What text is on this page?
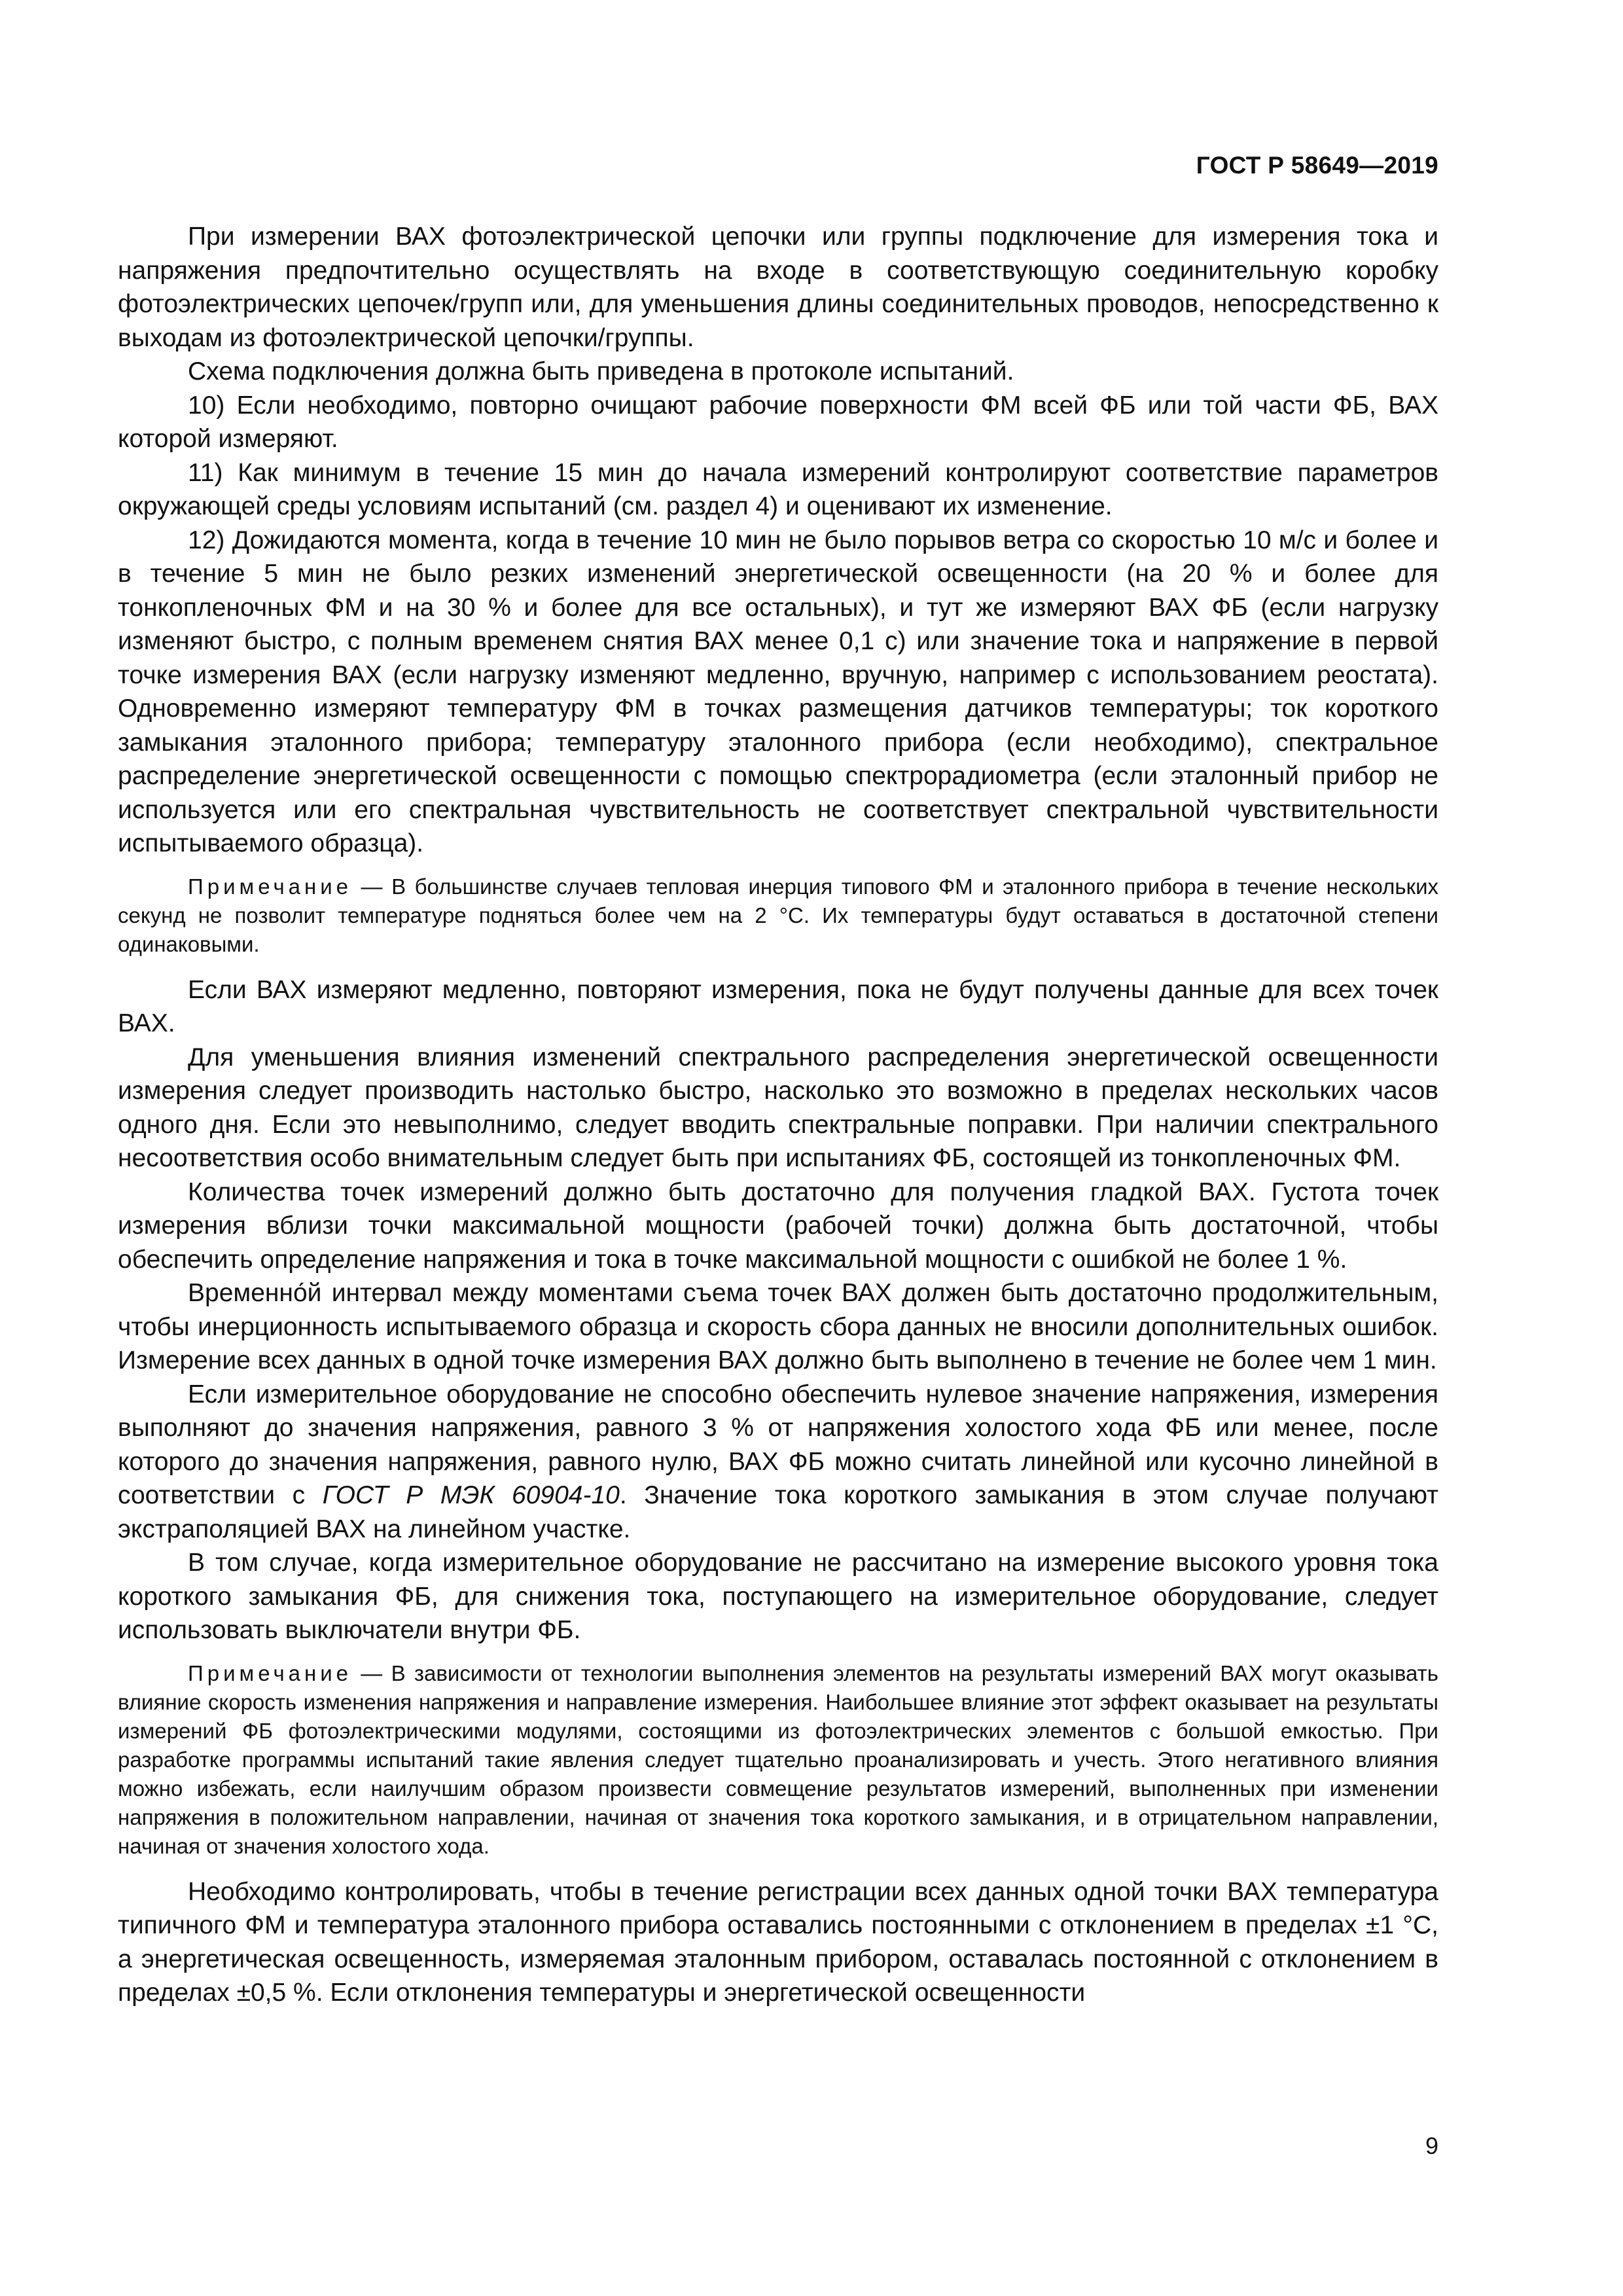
ГОСТ Р 58649—2019

При измерении ВАХ фотоэлектрической цепочки или группы подключение для измерения тока и напряжения предпочтительно осуществлять на входе в соответствующую соединительную коробку фотоэлектрических цепочек/групп или, для уменьшения длины соединительных проводов, непосредственно к выходам из фотоэлектрической цепочки/группы.

Схема подключения должна быть приведена в протоколе испытаний.

10) Если необходимо, повторно очищают рабочие поверхности ФМ всей ФБ или той части ФБ, ВАХ которой измеряют.

11) Как минимум в течение 15 мин до начала измерений контролируют соответствие параметров окружающей среды условиям испытаний (см. раздел 4) и оценивают их изменение.

12) Дожидаются момента, когда в течение 10 мин не было порывов ветра со скоростью 10 м/с и более и в течение 5 мин не было резких изменений энергетической освещенности (на 20 % и более для тонкопленочных ФМ и на 30 % и более для все остальных), и тут же измеряют ВАХ ФБ (если нагрузку изменяют быстро, с полным временем снятия ВАХ менее 0,1 с) или значение тока и напряжение в первой точке измерения ВАХ (если нагрузку изменяют медленно, вручную, например с использованием реостата). Одновременно измеряют температуру ФМ в точках размещения датчиков температуры; ток короткого замыкания эталонного прибора; температуру эталонного прибора (если необходимо), спектральное распределение энергетической освещенности с помощью спектрорадиометра (если эталонный прибор не используется или его спектральная чувствительность не соответствует спектральной чувствительности испытываемого образца).

Примечание — В большинстве случаев тепловая инерция типового ФМ и эталонного прибора в течение нескольких секунд не позволит температуре подняться более чем на 2 °С. Их температуры будут оставаться в достаточной степени одинаковыми.

Если ВАХ измеряют медленно, повторяют измерения, пока не будут получены данные для всех точек ВАХ.

Для уменьшения влияния изменений спектрального распределения энергетической освещенности измерения следует производить настолько быстро, насколько это возможно в пределах нескольких часов одного дня. Если это невыполнимо, следует вводить спектральные поправки. При наличии спектрального несоответствия особо внимательным следует быть при испытаниях ФБ, состоящей из тонкопленочных ФМ.

Количества точек измерений должно быть достаточно для получения гладкой ВАХ. Густота точек измерения вблизи точки максимальной мощности (рабочей точки) должна быть достаточной, чтобы обеспечить определение напряжения и тока в точке максимальной мощности с ошибкой не более 1 %.

Временно́й интервал между моментами съема точек ВАХ должен быть достаточно продолжительным, чтобы инерционность испытываемого образца и скорость сбора данных не вносили дополнительных ошибок. Измерение всех данных в одной точке измерения ВАХ должно быть выполнено в течение не более чем 1 мин.

Если измерительное оборудование не способно обеспечить нулевое значение напряжения, измерения выполняют до значения напряжения, равного 3 % от напряжения холостого хода ФБ или менее, после которого до значения напряжения, равного нулю, ВАХ ФБ можно считать линейной или кусочно линейной в соответствии с ГОСТ Р МЭК 60904-10. Значение тока короткого замыкания в этом случае получают экстраполяцией ВАХ на линейном участке.

В том случае, когда измерительное оборудование не рассчитано на измерение высокого уровня тока короткого замыкания ФБ, для снижения тока, поступающего на измерительное оборудование, следует использовать выключатели внутри ФБ.

Примечание — В зависимости от технологии выполнения элементов на результаты измерений ВАХ могут оказывать влияние скорость изменения напряжения и направление измерения. Наибольшее влияние этот эффект оказывает на результаты измерений ФБ фотоэлектрическими модулями, состоящими из фотоэлектрических элементов с большой емкостью. При разработке программы испытаний такие явления следует тщательно проанализировать и учесть. Этого негативного влияния можно избежать, если наилучшим образом произвести совмещение результатов измерений, выполненных при изменении напряжения в положительном направлении, начиная от значения тока короткого замыкания, и в отрицательном направлении, начиная от значения холостого хода.

Необходимо контролировать, чтобы в течение регистрации всех данных одной точки ВАХ температура типичного ФМ и температура эталонного прибора оставались постоянными с отклонением в пределах ±1 °С, а энергетическая освещенность, измеряемая эталонным прибором, оставалась постоянной с отклонением в пределах ±0,5 %. Если отклонения температуры и энергетической освещенности

9
